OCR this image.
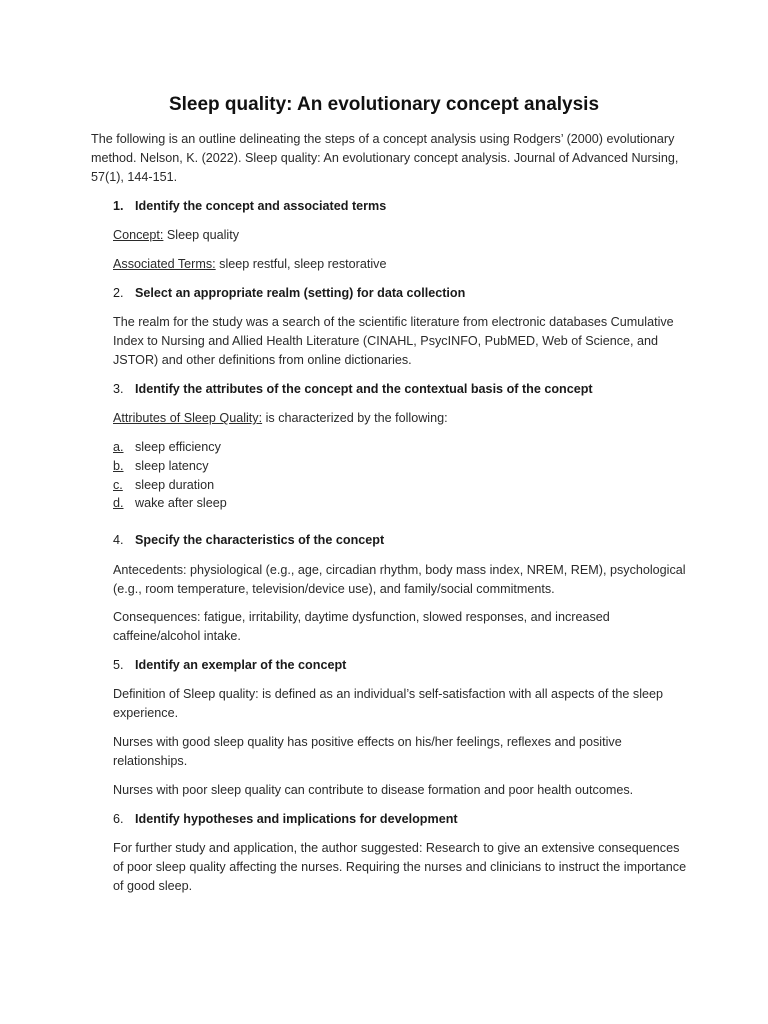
Sleep quality: An evolutionary concept analysis
The following is an outline delineating the steps of a concept analysis using Rodgers’ (2000) evolutionary method. Nelson, K. (2022). Sleep quality: An evolutionary concept analysis. Journal of Advanced Nursing, 57(1), 144-151.
1. Identify the concept and associated terms
Concept: Sleep quality
Associated Terms: sleep restful, sleep restorative
2. Select an appropriate realm (setting) for data collection
The realm for the study was a search of the scientific literature from electronic databases Cumulative Index to Nursing and Allied Health Literature (CINAHL, PsycINFO, PubMED, Web of Science, and JSTOR) and other definitions from online dictionaries.
3. Identify the attributes of the concept and the contextual basis of the concept
Attributes of Sleep Quality: is characterized by the following:
a. sleep efficiency
b. sleep latency
c. sleep duration
d. wake after sleep
4. Specify the characteristics of the concept
Antecedents: physiological (e.g., age, circadian rhythm, body mass index, NREM, REM), psychological (e.g., room temperature, television/device use), and family/social commitments.
Consequences: fatigue, irritability, daytime dysfunction, slowed responses, and increased caffeine/alcohol intake.
5. Identify an exemplar of the concept
Definition of Sleep quality: is defined as an individual’s self-satisfaction with all aspects of the sleep experience.
Nurses with good sleep quality has positive effects on his/her feelings, reflexes and positive relationships.
Nurses with poor sleep quality can contribute to disease formation and poor health outcomes.
6. Identify hypotheses and implications for development
For further study and application, the author suggested: Research to give an extensive consequences of poor sleep quality affecting the nurses. Requiring the nurses and clinicians to instruct the importance of good sleep.
